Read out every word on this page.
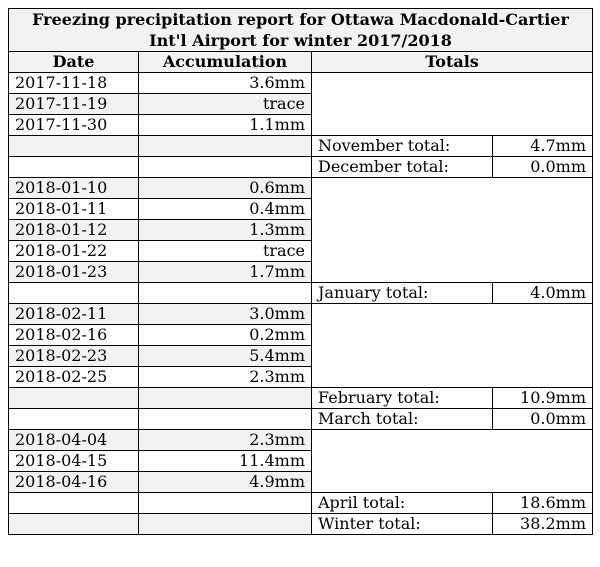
Freezing precipitation report for Ottawa Macdonald-Cartier
Int'l Airport for winter 2017/2018			
Date	Accumulation	Totals	
2017-11-18	3.6mm		
2017-11-19	trace		
2017-11-30	1.1mm		
		November total:	4.7mm
		December total:	0.0mm
2018-01-10	0.6mm		
2018-01-11	0.4mm		
2018-01-12	1.3mm		
2018-01-22	trace		
2018-01-23	1.7mm		
		January total:	4.0mm
2018-02-11	3.0mm		
2018-02-16	0.2mm		
2018-02-23	5.4mm		
2018-02-25	2.3mm		
		February total:	10.9mm
		March total:	0.0mm
2018-04-04	2.3mm		
2018-04-15	11.4mm		
2018-04-16	4.9mm		
		April total:	18.6mm
		Winter total:	38.2mm
